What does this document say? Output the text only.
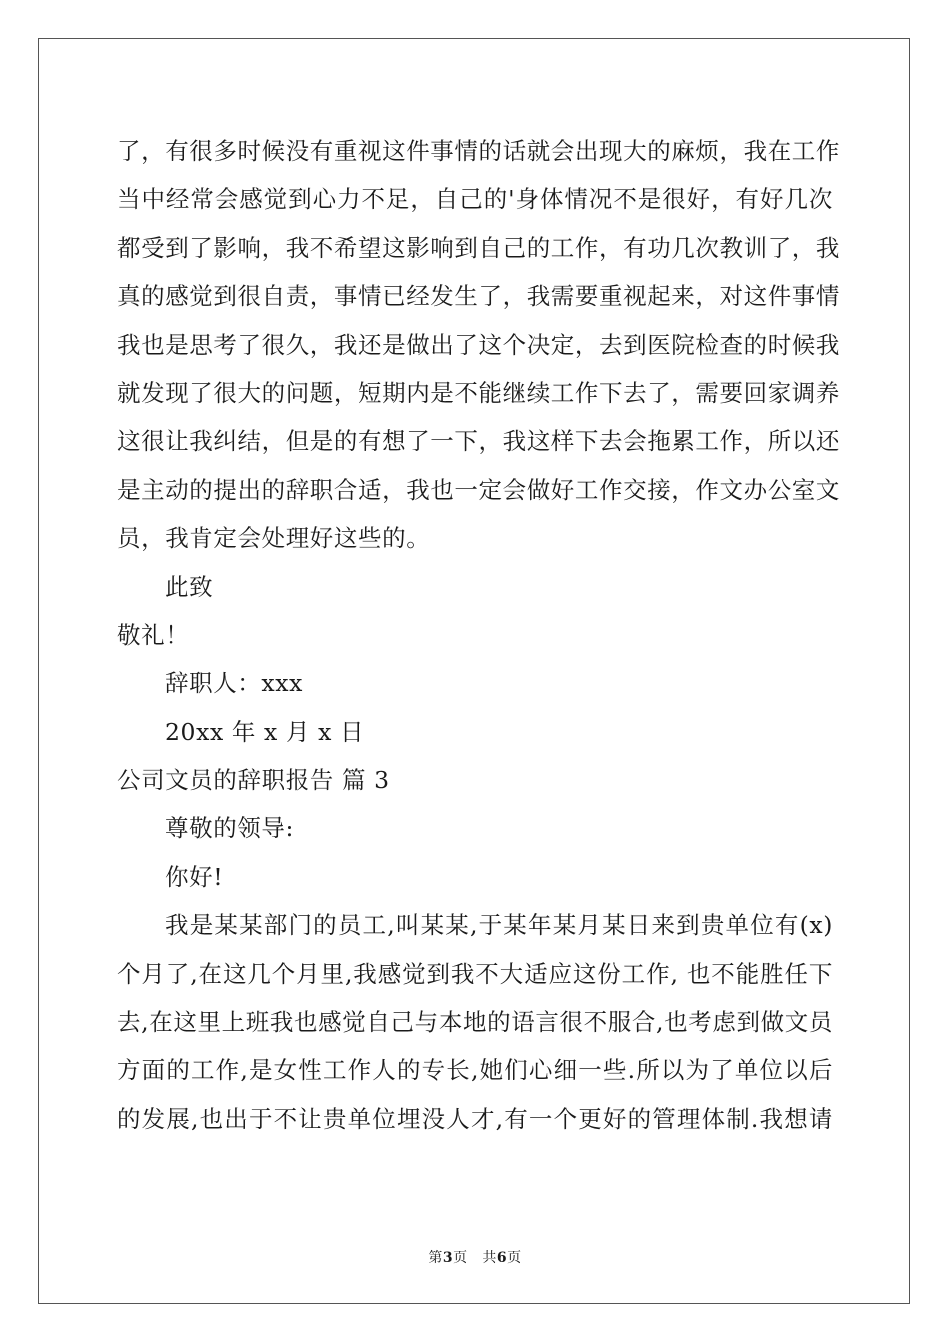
了，有很多时候没有重视这件事情的话就会出现大的麻烦，我在工作
当中经常会感觉到心力不足，自己的'身体情况不是很好，有好几次
都受到了影响，我不希望这影响到自己的工作，有功几次教训了，我
真的感觉到很自责，事情已经发生了，我需要重视起来，对这件事情
我也是思考了很久，我还是做出了这个决定，去到医院检查的时候我
就发现了很大的问题，短期内是不能继续工作下去了，需要回家调养
这很让我纠结，但是的有想了一下，我这样下去会拖累工作，所以还
是主动的提出的辞职合适，我也一定会做好工作交接，作文办公室文
员，我肯定会处理好这些的。
此致
敬礼！
辞职人：xxx
20xx 年 x 月 x 日
公司文员的辞职报告 篇 3
尊敬的领导:
你好!
我是某某部门的员工,叫某某,于某年某月某日来到贵单位有(x)
个月了,在这几个月里,我感觉到我不大适应这份工作, 也不能胜任下
去,在这里上班我也感觉自己与本地的语言很不服合,也考虑到做文员
方面的工作,是女性工作人的专长,她们心细一些.所以为了单位以后
的发展,也出于不让贵单位埋没人才,有一个更好的管理体制.我想请
第3页 共6页
